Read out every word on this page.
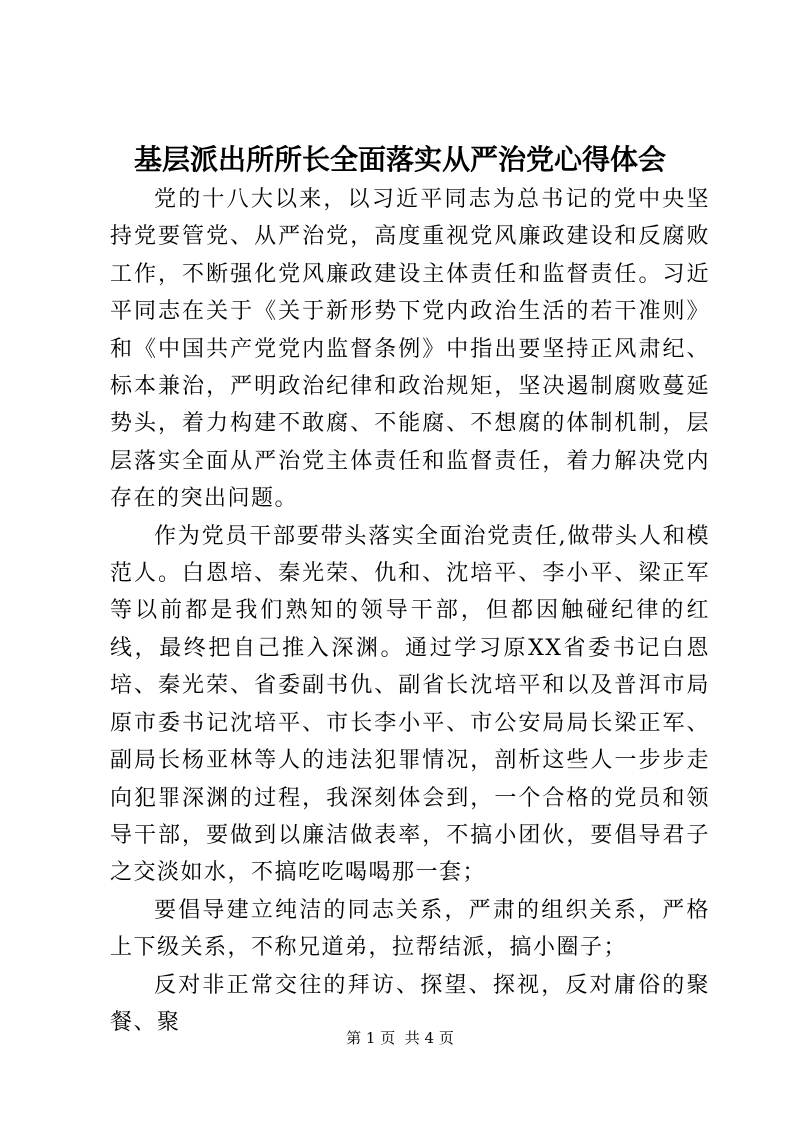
基层派出所所长全面落实从严治党心得体会

党的十八大以来，以习近平同志为总书记的党中央坚持党要管党、从严治党，高度重视党风廉政建设和反腐败工作，不断强化党风廉政建设主体责任和监督责任。习近平同志在关于《关于新形势下党内政治生活的若干准则》和《中国共产党党内监督条例》中指出要坚持正风肃纪、标本兼治，严明政治纪律和政治规矩，坚决遏制腐败蔓延势头，着力构建不敢腐、不能腐、不想腐的体制机制，层层落实全面从严治党主体责任和监督责任，着力解决党内存在的突出问题。

作为党员干部要带头落实全面治党责任,做带头人和模范人。白恩培、秦光荣、仇和、沈培平、李小平、梁正军等以前都是我们熟知的领导干部，但都因触碰纪律的红线，最终把自己推入深渊。通过学习原XX省委书记白恩培、秦光荣、省委副书仇、副省长沈培平和以及普洱市局原市委书记沈培平、市长李小平、市公安局局长梁正军、副局长杨亚林等人的违法犯罪情况，剖析这些人一步步走向犯罪深渊的过程，我深刻体会到，一个合格的党员和领导干部，要做到以廉洁做表率，不搞小团伙，要倡导君子之交淡如水，不搞吃吃喝喝那一套；

要倡导建立纯洁的同志关系，严肃的组织关系，严格上下级关系，不称兄道弟，拉帮结派，搞小圈子；

反对非正常交往的拜访、探望、探视，反对庸俗的聚餐、聚

第 1 页  共 4 页
